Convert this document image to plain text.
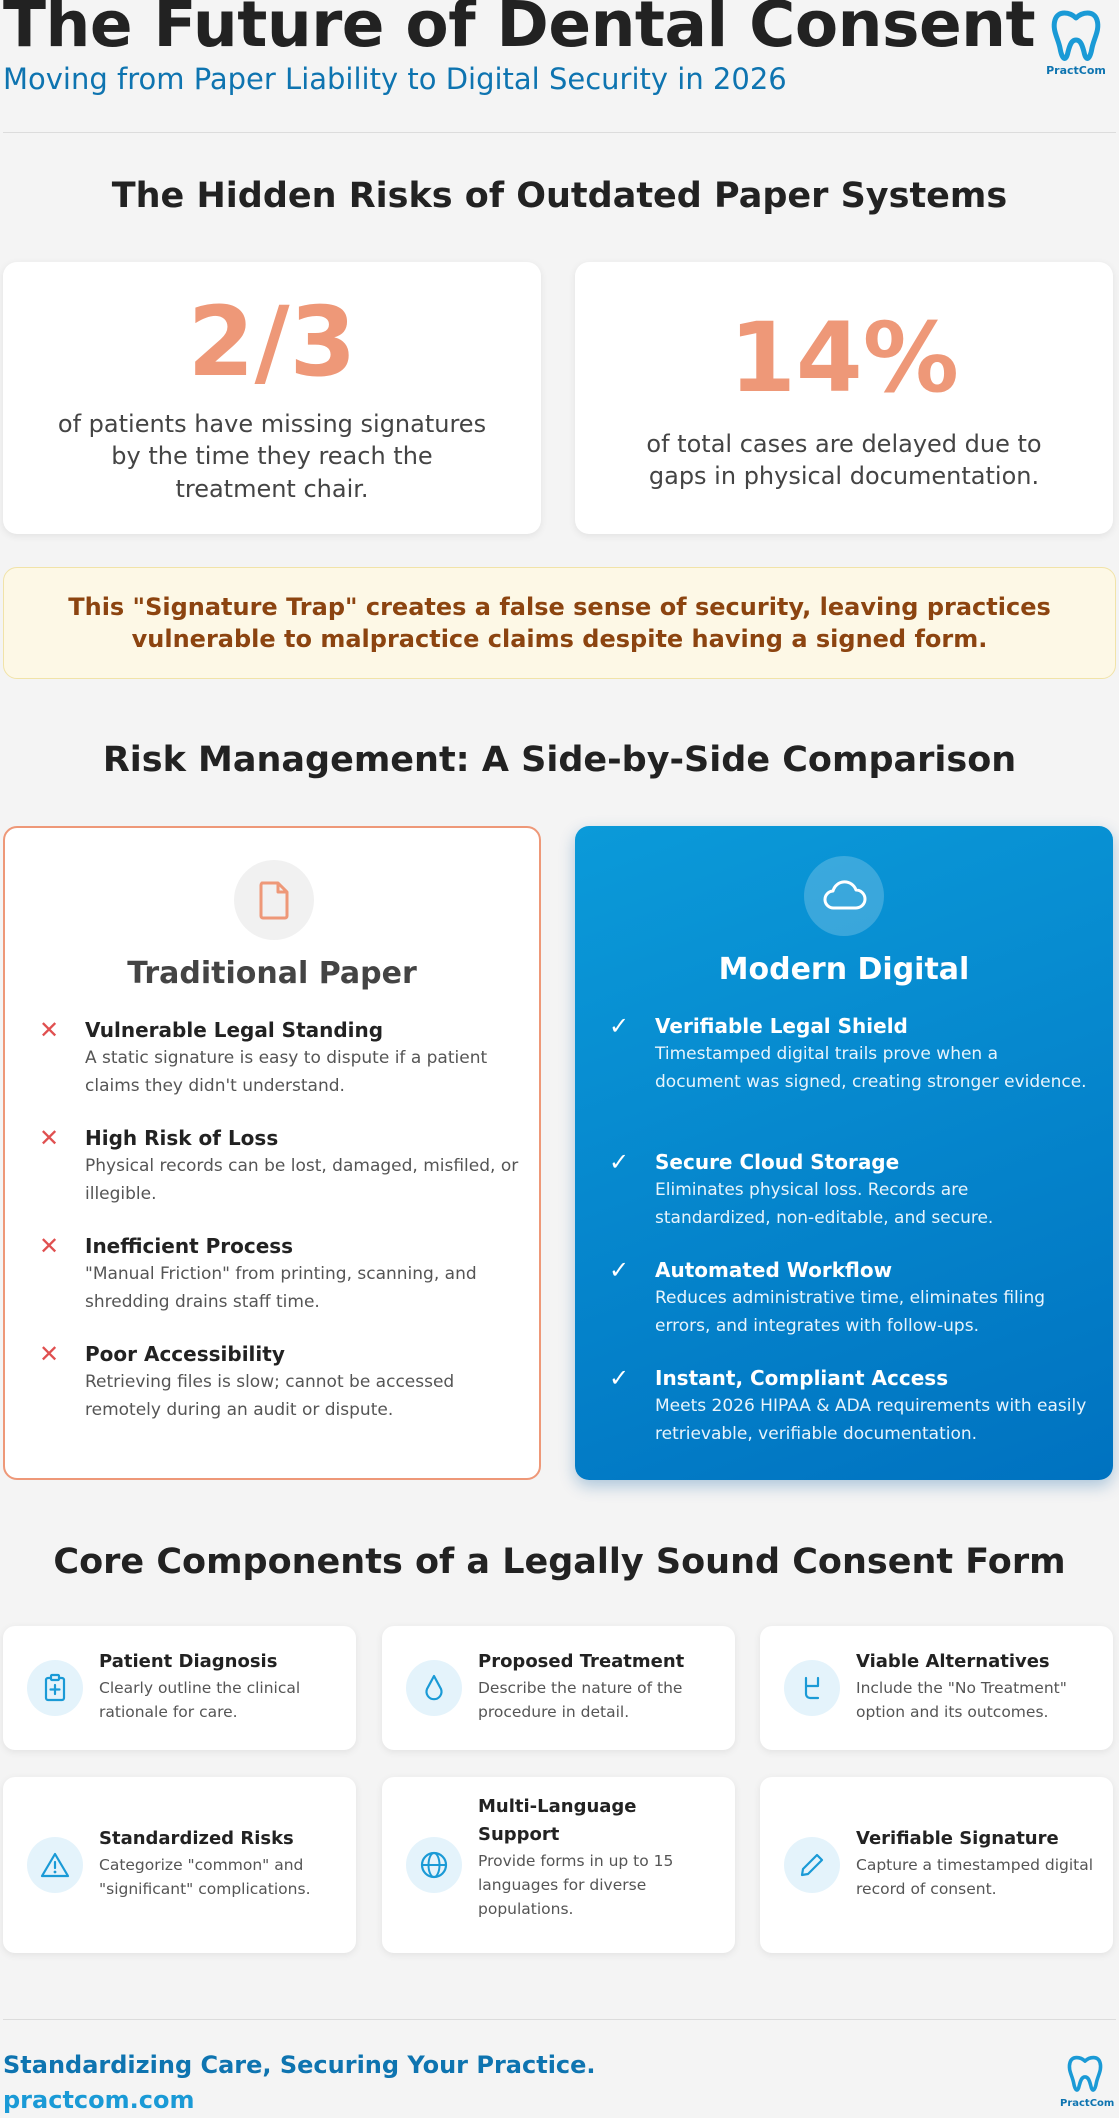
The Future of Dental Consent
Moving from Paper Liability to Digital Security in 2026	PractCom
The Hidden Risks of Outdated Paper Systems
2/3
of patients have missing signatures by the time they reach the treatment chair.
14%
of total cases are delayed due to gaps in physical documentation.
This "Signature Trap" creates a false sense of security, leaving practices vulnerable to malpractice claims despite having a signed form.
Risk Management: A Side-by-Side Comparison
Traditional Paper
✕ Vulnerable Legal Standing
A static signature is easy to dispute if a patient claims they didn't understand.
✕ High Risk of Loss
Physical records can be lost, damaged, misfiled, or illegible.
✕ Inefficient Process
"Manual Friction" from printing, scanning, and shredding drains staff time.
✕ Poor Accessibility
Retrieving files is slow; cannot be accessed remotely during an audit or dispute.
Modern Digital
✓ Verifiable Legal Shield
Timestamped digital trails prove when a document was signed, creating stronger evidence.
✓ Secure Cloud Storage
Eliminates physical loss. Records are standardized, non-editable, and secure.
✓ Automated Workflow
Reduces administrative time, eliminates filing errors, and integrates with follow-ups.
✓ Instant, Compliant Access
Meets 2026 HIPAA & ADA requirements with easily retrievable, verifiable documentation.
Core Components of a Legally Sound Consent Form
Patient Diagnosis
Clearly outline the clinical rationale for care.
Proposed Treatment
Describe the nature of the procedure in detail.
Viable Alternatives
Include the "No Treatment" option and its outcomes.
Standardized Risks
Categorize "common" and "significant" complications.
Multi-Language Support
Provide forms in up to 15 languages for diverse populations.
Verifiable Signature
Capture a timestamped digital record of consent.
Standardizing Care, Securing Your Practice.
practcom.com	PractCom
